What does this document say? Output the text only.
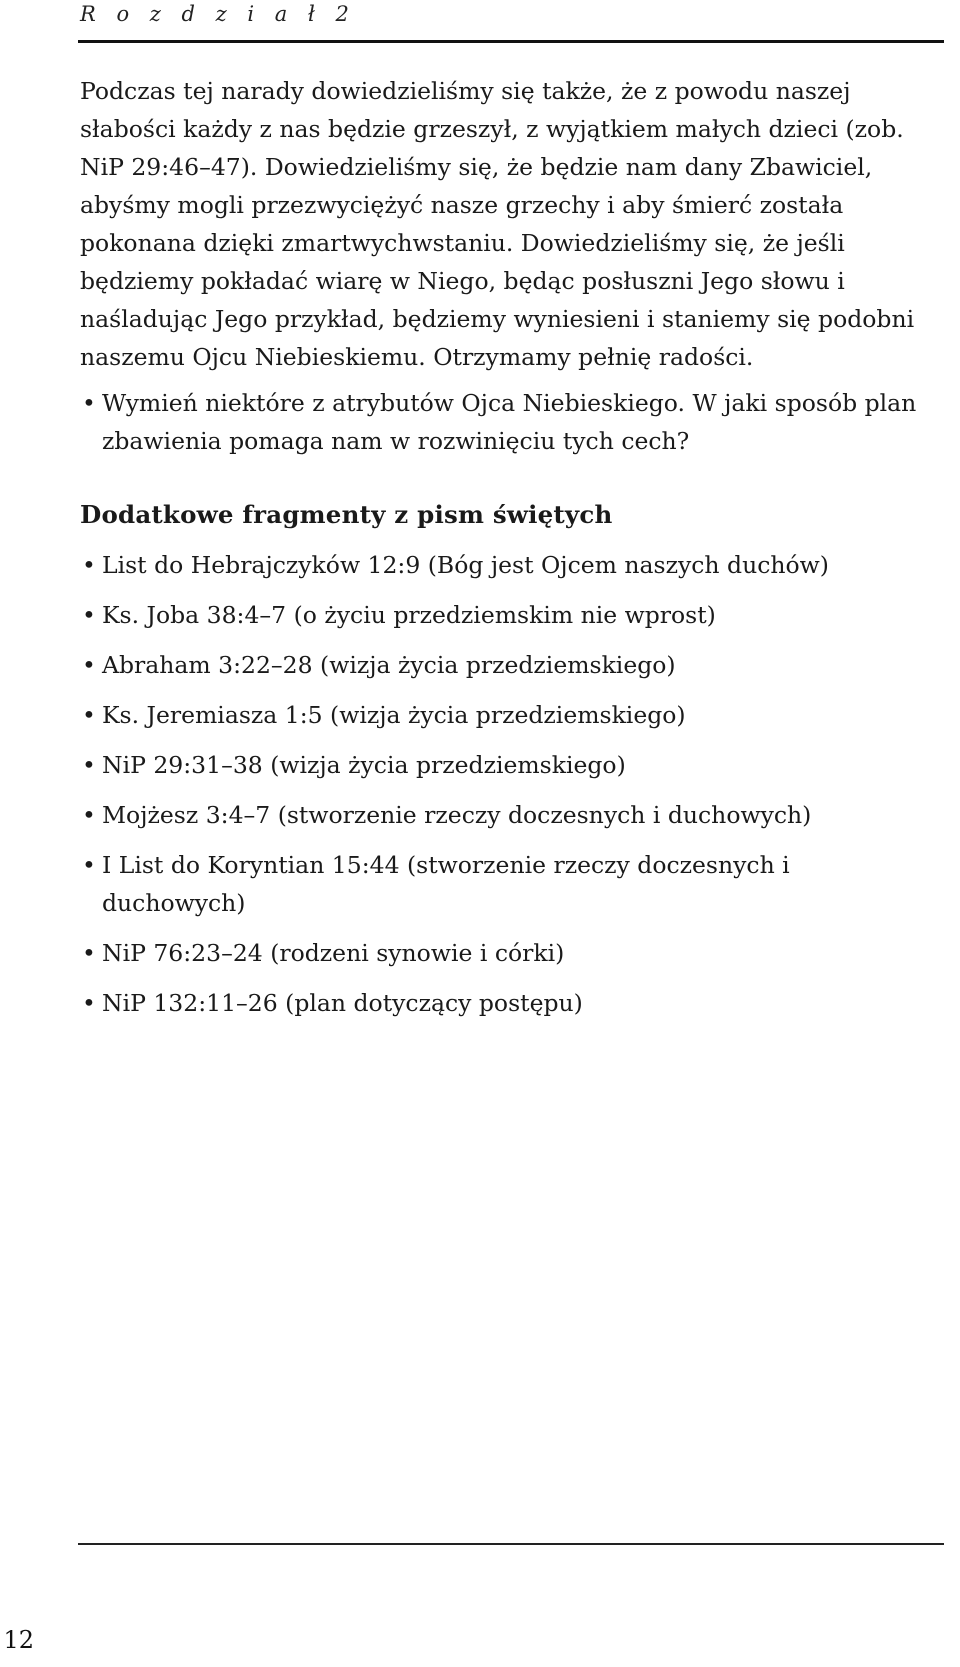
R o z d z i a ł 2

Podczas tej narady dowiedzieliśmy się także, że z powodu naszej słabości każdy z nas będzie grzeszył, z wyjątkiem małych dzieci (zob. NiP 29:46–47). Dowiedzieliśmy się, że będzie nam dany Zbawiciel, abyśmy mogli przezwyciężyć nasze grzechy i aby śmierć została pokonana dzięki zmartwychwstaniu. Dowiedzieliśmy się, że jeśli będziemy pokładać wiarę w Niego, będąc posłuszni Jego słowu i naśladując Jego przykład, będziemy wyniesieni i staniemy się podobni naszemu Ojcu Niebieskiemu. Otrzymamy pełnię radości.

• Wymień niektóre z atrybutów Ojca Niebieskiego. W jaki sposób plan zbawienia pomaga nam w rozwinięciu tych cech?
Dodatkowe fragmenty z pism świętych
• List do Hebrajczyków 12:9 (Bóg jest Ojcem naszych duchów)
• Ks. Joba 38:4–7 (o życiu przedziemskim nie wprost)
• Abraham 3:22–28 (wizja życia przedziemskiego)
• Ks. Jeremiasza 1:5 (wizja życia przedziemskiego)
• NiP 29:31–38 (wizja życia przedziemskiego)
• Mojżesz 3:4–7 (stworzenie rzeczy doczesnych i duchowych)
• I List do Koryntian 15:44 (stworzenie rzeczy doczesnych i duchowych)
• NiP 76:23–24 (rodzeni synowie i córki)
• NiP 132:11–26 (plan dotyczący postępu)
12
